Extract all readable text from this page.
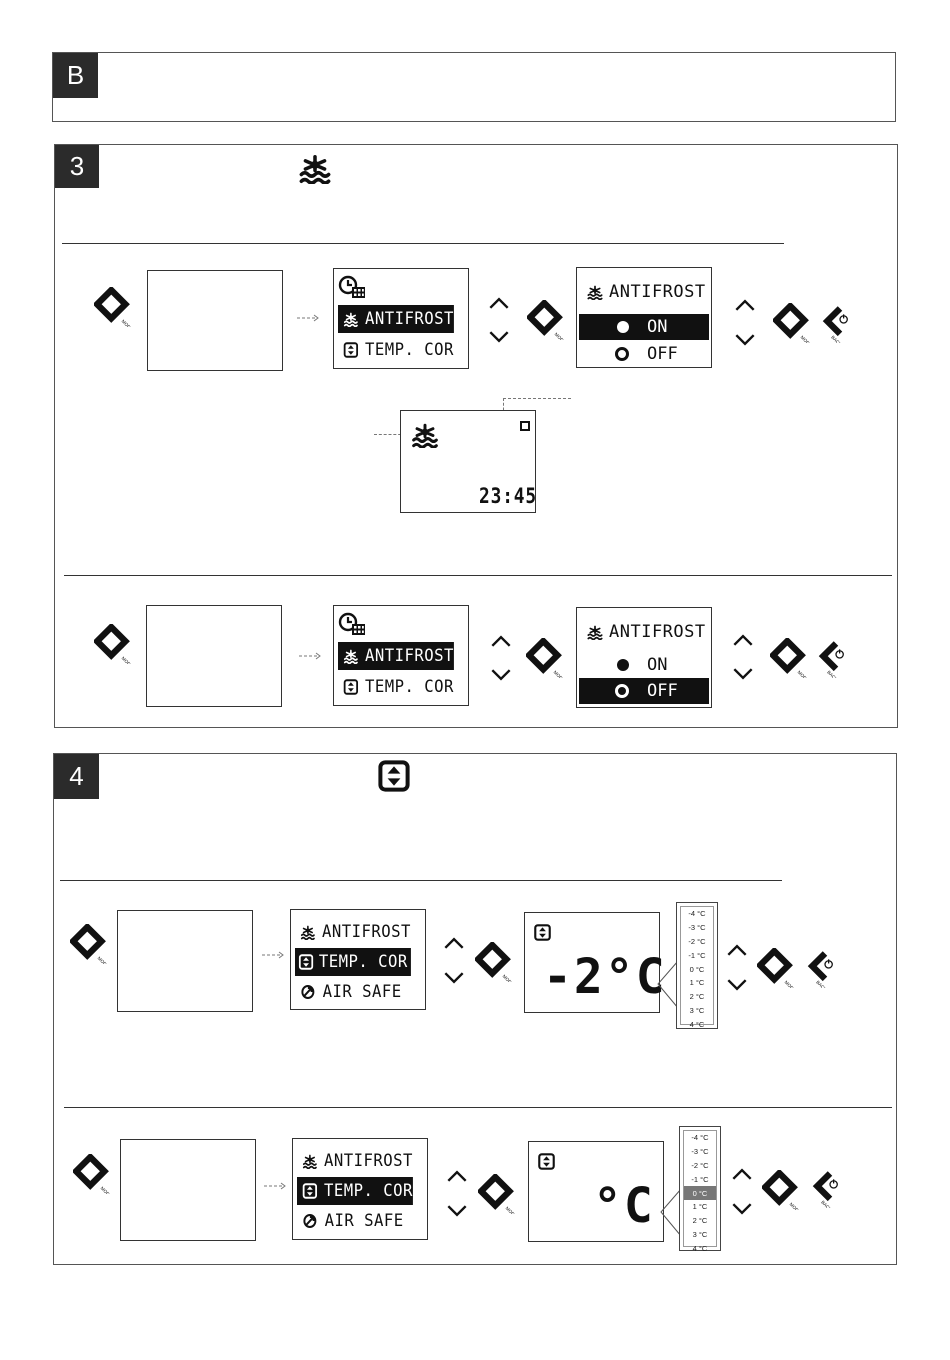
B
3
ANTIFROST
TEMP. COR
ANTIFROST
ON
OFF
23:45
ANTIFROST
TEMP. COR
ANTIFROST
ON
OFF
4
ANTIFROST
TEMP. COR.
AIR SAFE	-2°C
-4 °C
-3 °C
-2 °C
-1 °C
0 °C
1 °C
2 °C
3 °C
4 °C
ANTIFROST
TEMP. COR
AIR SAFE	°C
-4 °C
-3 °C
-2 °C
-1 °C
0 °C
1 °C
2 °C
3 °C
4 °C
